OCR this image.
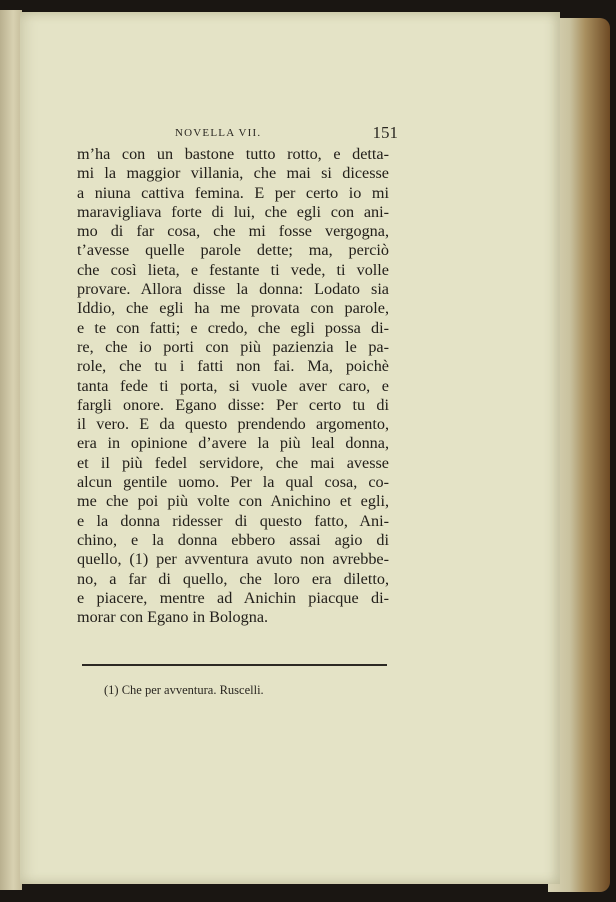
NOVELLA VII.	151
m’ha con un bastone tutto rotto, e detta-
mi la maggior villania, che mai si dicesse
a niuna cattiva femina. E per certo io mi
maravigliava forte di lui, che egli con ani-
mo di far cosa, che mi fosse vergogna,
t’avesse quelle parole dette; ma, perciò
che così lieta, e festante ti vede, ti volle
provare. Allora disse la donna: Lodato sia
Iddio, che egli ha me provata con parole,
e te con fatti; e credo, che egli possa di-
re, che io porti con più pazienzia le pa-
role, che tu i fatti non fai. Ma, poichè
tanta fede ti porta, si vuole aver caro, e
fargli onore. Egano disse: Per certo tu di
il vero. E da questo prendendo argomento,
era in opinione d’avere la più leal donna,
et il più fedel servidore, che mai avesse
alcun gentile uomo. Per la qual cosa, co-
me che poi più volte con Anichino et egli,
e la donna ridesser di questo fatto, Ani-
chino, e la donna ebbero assai agio di
quello, (1) per avventura avuto non avrebbe-
no, a far di quello, che loro era diletto,
e piacere, mentre ad Anichin piacque di-
morar con Egano in Bologna.
(1) Che per avventura. Ruscelli.
